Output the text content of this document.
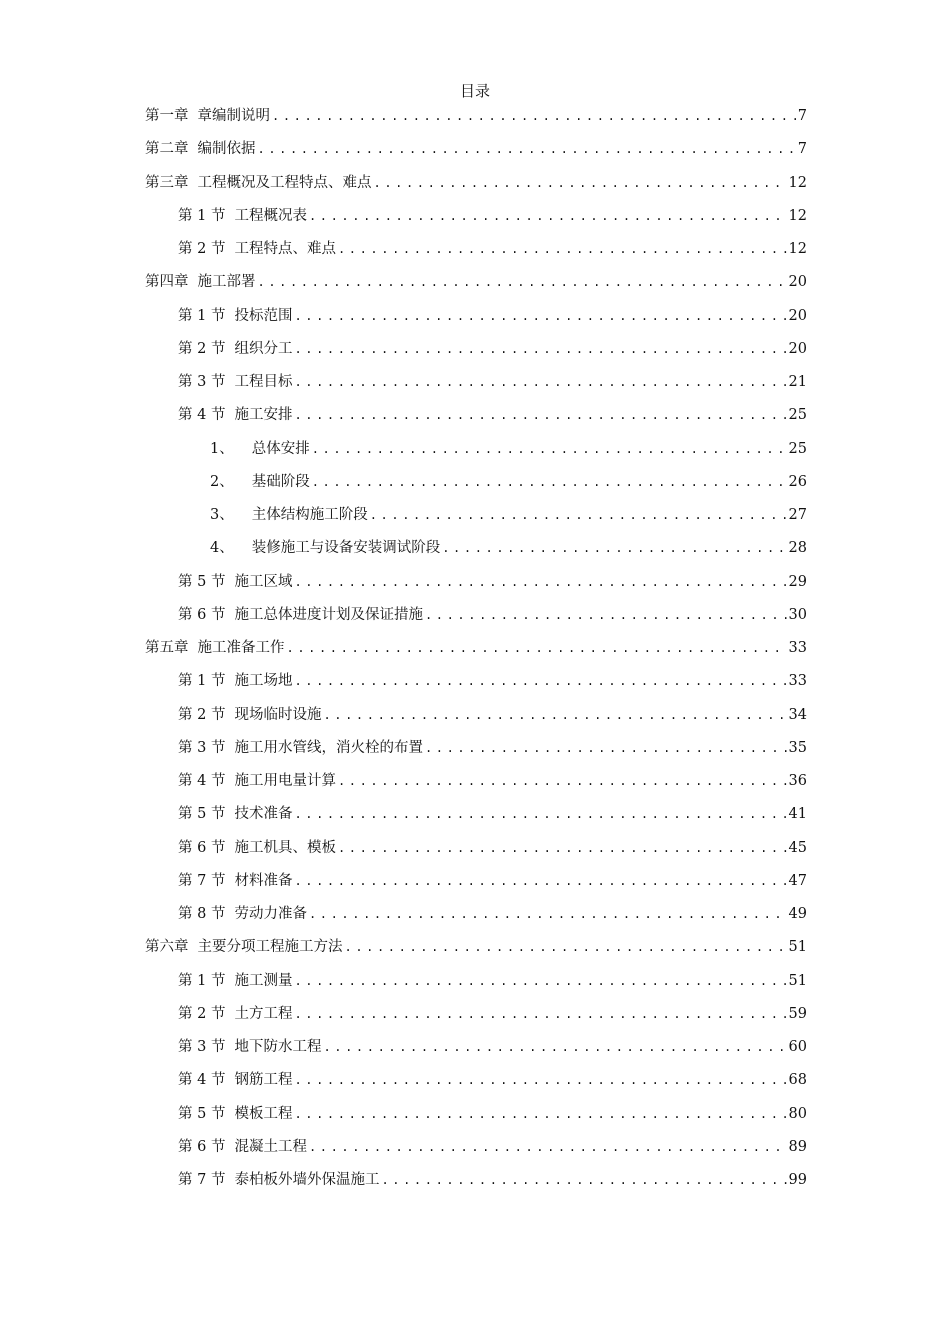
目录
第一章 章编制说明 .....	7
第二章 编制依据 .....	7
第三章 工程概况及工程特点、难点 .....	12
第 1 节 工程概况表 .....	12
第 2 节 工程特点、难点 .....	12
第四章 施工部署 .....	20
第 1 节 投标范围 .....	20
第 2 节 组织分工 .....	20
第 3 节 工程目标 .....	21
第 4 节 施工安排 .....	25
1、 总体安排 .....	25
2、 基础阶段 .....	26
3、 主体结构施工阶段 .....	27
4、 装修施工与设备安装调试阶段 .....	28
第 5 节 施工区域 .....	29
第 6 节 施工总体进度计划及保证措施 .....	30
第五章 施工准备工作 .....	33
第 1 节 施工场地 .....	33
第 2 节 现场临时设施 .....	34
第 3 节 施工用水管线，消火栓的布置 .....	35
第 4 节 施工用电量计算 .....	36
第 5 节 技术准备 .....	41
第 6 节 施工机具、模板 .....	45
第 7 节 材料准备 .....	47
第 8 节 劳动力准备 .....	49
第六章 主要分项工程施工方法 .....	51
第 1 节 施工测量 .....	51
第 2 节 土方工程 .....	59
第 3 节 地下防水工程 .....	60
第 4 节 钢筋工程 .....	68
第 5 节 模板工程 .....	80
第 6 节 混凝土工程 .....	89
第 7 节 泰柏板外墙外保温施工 .....	99
